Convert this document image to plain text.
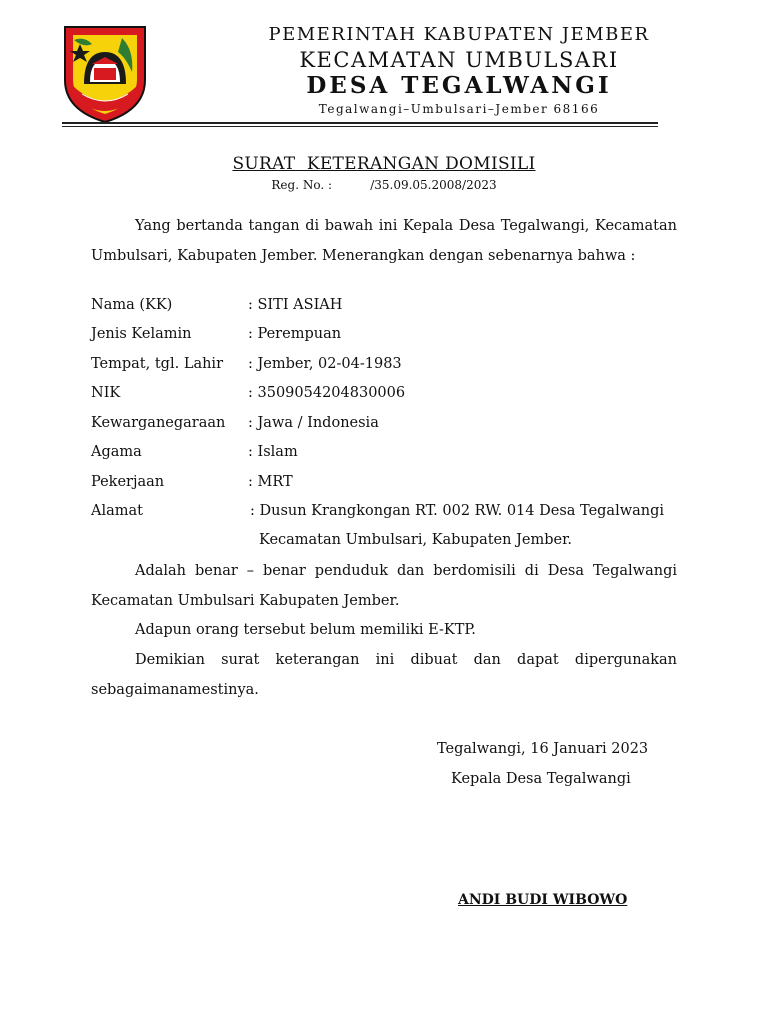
PEMERINTAH KABUPATEN JEMBER
KECAMATAN UMBULSARI
DESA TEGALWANGI
Tegalwangi–Umbulsari–Jember 68166
SURAT  KETERANGAN DOMISILI
Reg. No. :	/35.09.05.2008/2023
Yang bertanda tangan di bawah ini Kepala Desa Tegalwangi, Kecamatan Umbulsari, Kabupaten Jember. Menerangkan dengan sebenarnya bahwa :
Nama (KK)	: SITI ASIAH
Jenis Kelamin	: Perempuan
Tempat, tgl. Lahir : Jember, 02-04-1983
NIK	: 3509054204830006
Kewarganegaraan : Jawa / Indonesia
Agama	: Islam
Pekerjaan	: MRT
Alamat	: Dusun Krangkongan RT. 002 RW. 014 Desa Tegalwangi
Kecamatan Umbulsari, Kabupaten Jember.
Adalah benar – benar penduduk dan berdomisili di Desa Tegalwangi Kecamatan Umbulsari Kabupaten Jember.
Adapun orang tersebut belum memiliki E-KTP.
Demikian surat keterangan ini dibuat dan dapat dipergunakan sebagaimanamestinya.
Tegalwangi, 16 Januari 2023
Kepala Desa Tegalwangi
ANDI BUDI WIBOWO
